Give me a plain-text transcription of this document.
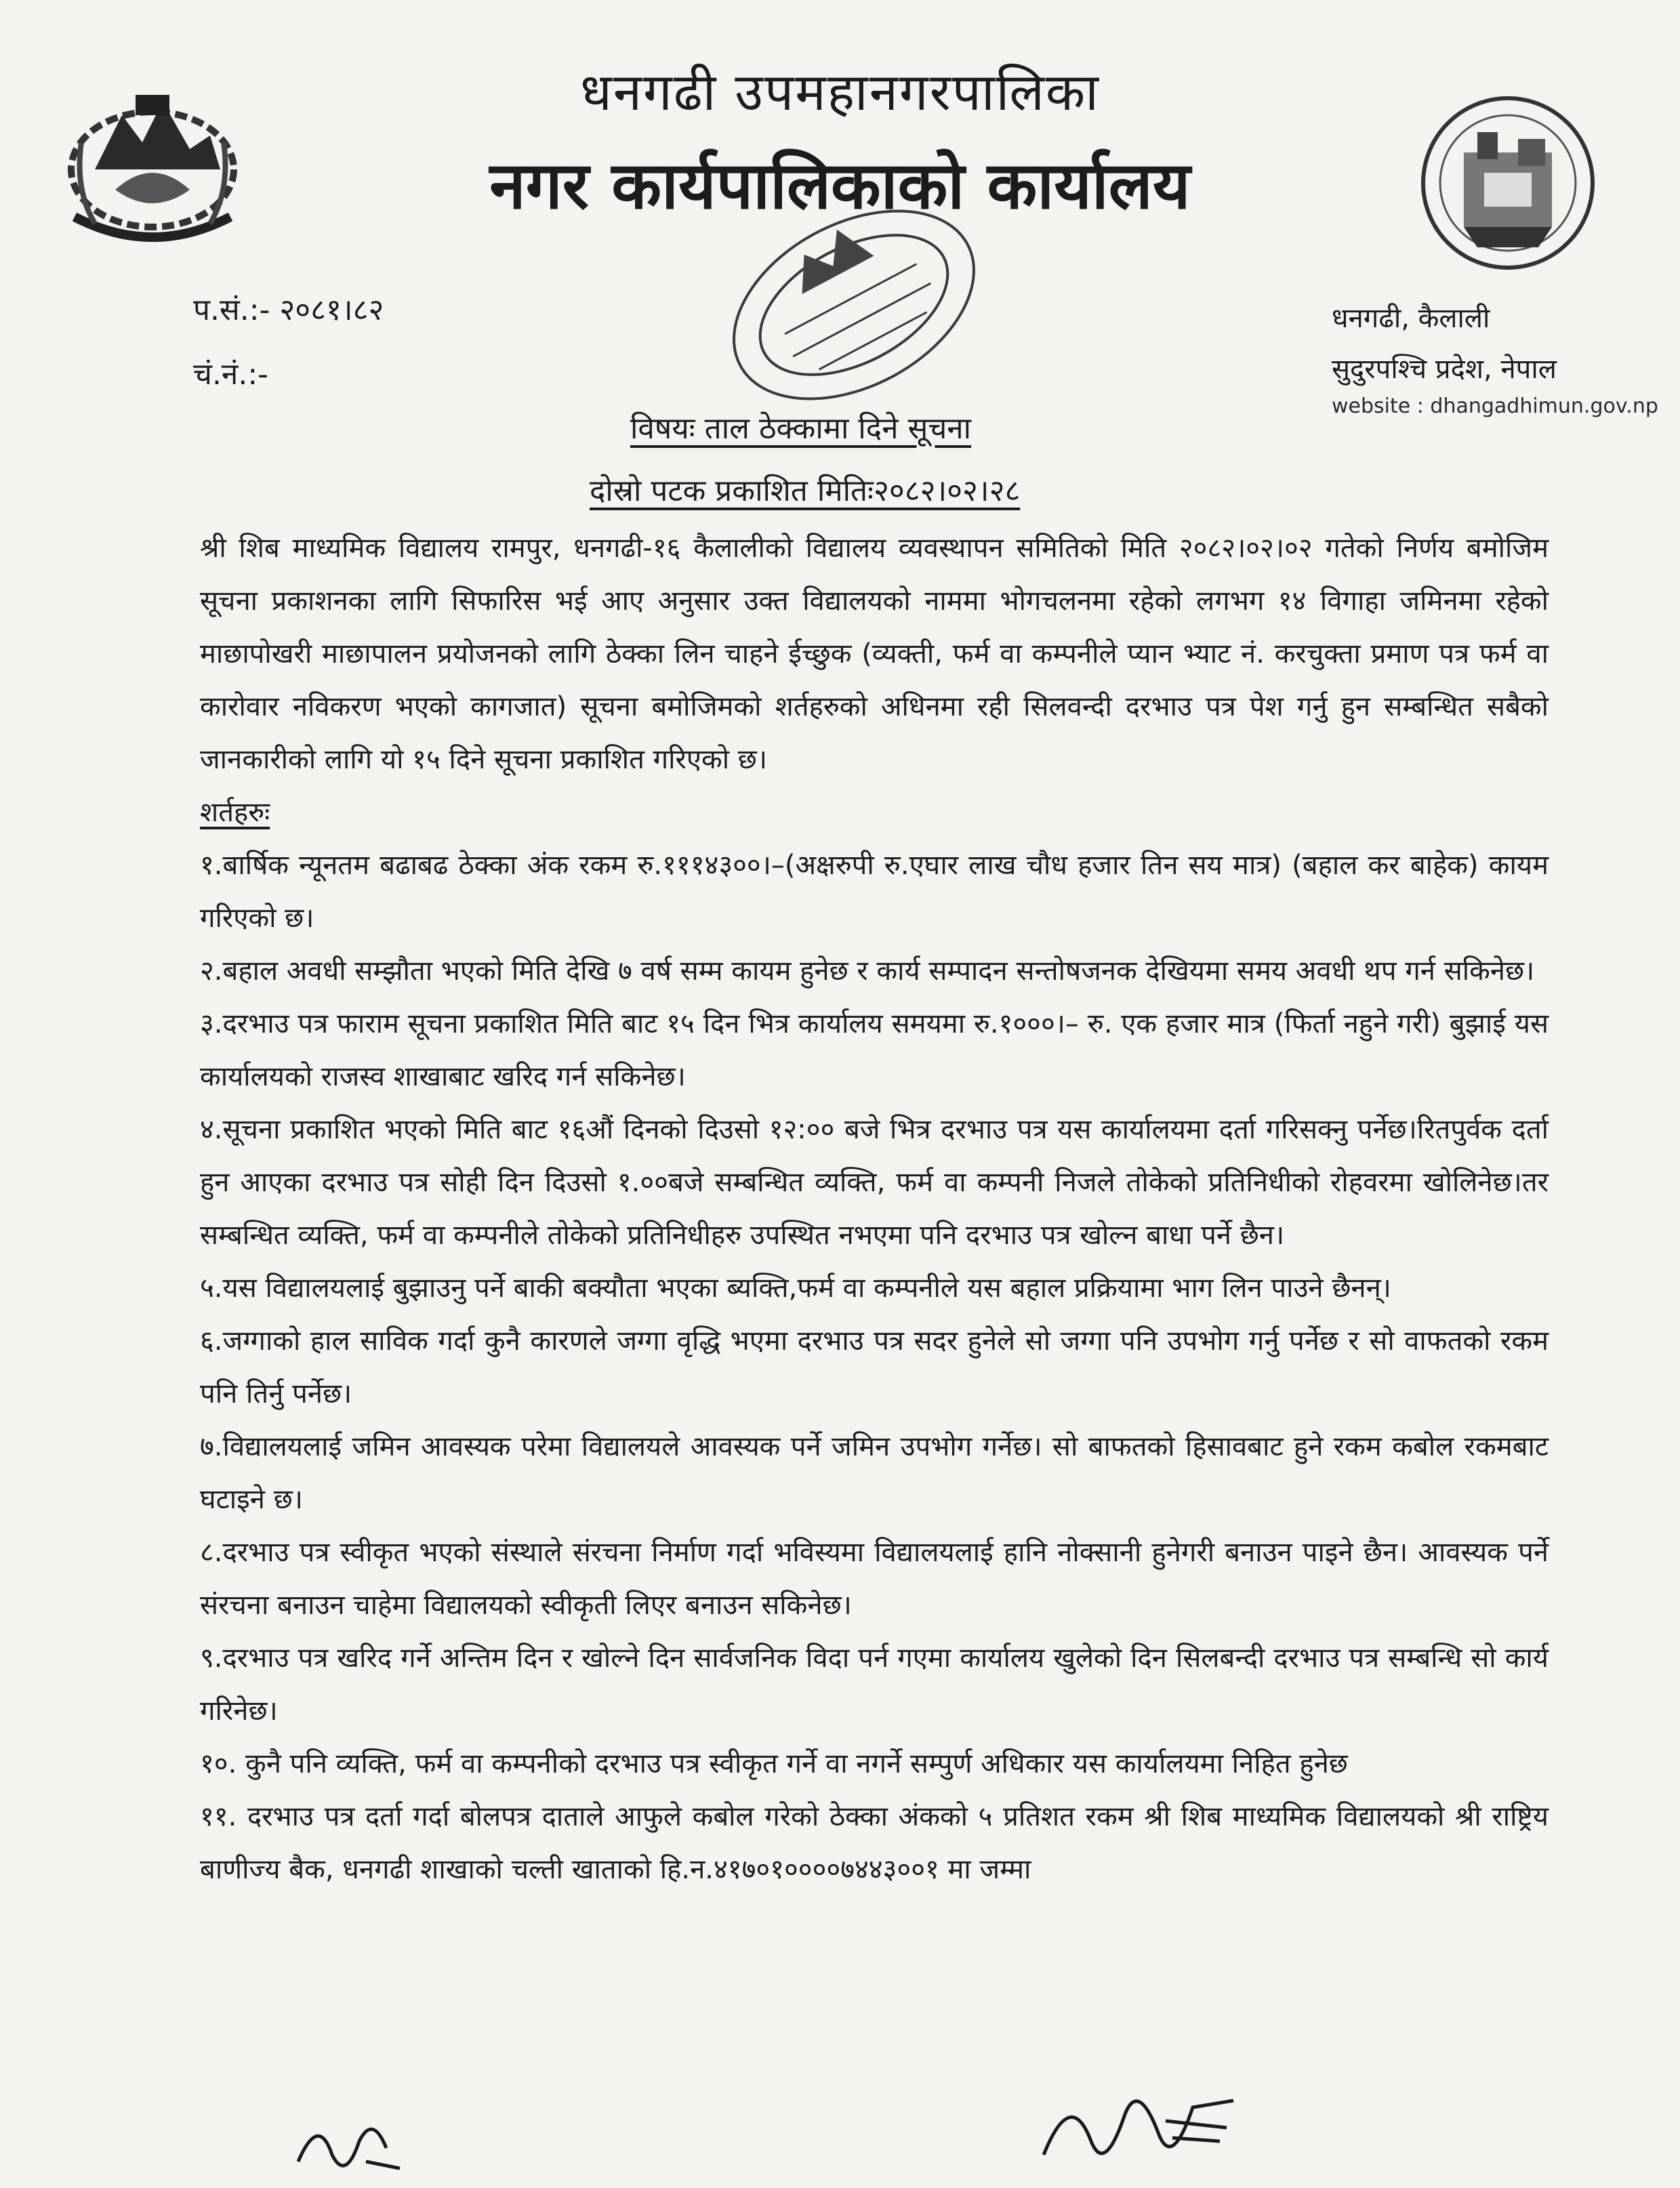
धनगढी उपमहानगरपालिका
नगर कार्यपालिकाको कार्यालय
प.सं.:- २०८१।८२
चं.नं.:-
धनगढी, कैलाली
सुदुरपश्चि प्रदेश, नेपाल
website : dhangadhimun.gov.np
विषयः ताल ठेक्कामा दिने सूचना
दोस्रो पटक प्रकाशित मितिः२०८२।०२।२८

श्री शिब माध्यमिक विद्यालय रामपुर, धनगढी-१६ कैलालीको विद्यालय व्यवस्थापन समितिको मिति २०८२।०२।०२ गतेको निर्णय बमोजिम सूचना प्रकाशनका लागि सिफारिस भई आए अनुसार उक्त विद्यालयको नाममा भोगचलनमा रहेको लगभग १४ विगाहा जमिनमा रहेको माछापोखरी माछापालन प्रयोजनको लागि ठेक्का लिन चाहने ईच्छुक (व्यक्ती, फर्म वा कम्पनीले प्यान भ्याट नं. करचुक्ता प्रमाण पत्र फर्म वा कारोवार नविकरण भएको कागजात) सूचना बमोजिमको शर्तहरुको अधिनमा रही सिलवन्दी दरभाउ पत्र पेश गर्नु हुन सम्बन्धित सबैको जानकारीको लागि यो १५ दिने सूचना प्रकाशित गरिएको छ।

शर्तहरुः

१.बार्षिक न्यूनतम बढाबढ ठेक्का अंक रकम रु.१११४३००।–(अक्षरुपी रु.एघार लाख चौध हजार तिन सय मात्र) (बहाल कर बाहेक) कायम गरिएको छ।

२.बहाल अवधी सम्झौता भएको मिति देखि ७ वर्ष सम्म कायम हुनेछ र कार्य सम्पादन सन्तोषजनक देखियमा समय अवधी थप गर्न सकिनेछ।

३.दरभाउ पत्र फाराम सूचना प्रकाशित मिति बाट १५ दिन भित्र कार्यालय समयमा रु.१०००।– रु. एक हजार मात्र (फिर्ता नहुने गरी) बुझाई यस कार्यालयको राजस्व शाखाबाट खरिद गर्न सकिनेछ।

४.सूचना प्रकाशित भएको मिति बाट १६औं दिनको दिउसो १२:०० बजे भित्र दरभाउ पत्र यस कार्यालयमा दर्ता गरिसक्नु पर्नेछ।रितपुर्वक दर्ता हुन आएका दरभाउ पत्र सोही दिन दिउसो १.००बजे सम्बन्धित व्यक्ति, फर्म वा कम्पनी निजले तोकेको प्रतिनिधीको रोहवरमा खोलिनेछ।तर सम्बन्धित व्यक्ति, फर्म वा कम्पनीले तोकेको प्रतिनिधीहरु उपस्थित नभएमा पनि दरभाउ पत्र खोल्न बाधा पर्ने छैन।

५.यस विद्यालयलाई बुझाउनु पर्ने बाकी बक्यौता भएका ब्यक्ति,फर्म वा कम्पनीले यस बहाल प्रक्रियामा भाग लिन पाउने छैनन्।

६.जग्गाको हाल साविक गर्दा कुनै कारणले जग्गा वृद्धि भएमा दरभाउ पत्र सदर हुनेले सो जग्गा पनि उपभोग गर्नु पर्नेछ र सो वाफतको रकम पनि तिर्नु पर्नेछ।

७.विद्यालयलाई जमिन आवस्यक परेमा विद्यालयले आवस्यक पर्ने जमिन उपभोग गर्नेछ। सो बाफतको हिसावबाट हुने रकम कबोल रकमबाट घटाइने छ।

८.दरभाउ पत्र स्वीकृत भएको संस्थाले संरचना निर्माण गर्दा भविस्यमा विद्यालयलाई हानि नोक्सानी हुनेगरी बनाउन पाइने छैन। आवस्यक पर्ने संरचना बनाउन चाहेमा विद्यालयको स्वीकृती लिएर बनाउन सकिनेछ।

९.दरभाउ पत्र खरिद गर्ने अन्तिम दिन र खोल्ने दिन सार्वजनिक विदा पर्न गएमा कार्यालय खुलेको दिन सिलबन्दी दरभाउ पत्र सम्बन्धि सो कार्य गरिनेछ।

१०. कुनै पनि व्यक्ति, फर्म वा कम्पनीको दरभाउ पत्र स्वीकृत गर्ने वा नगर्ने सम्पुर्ण अधिकार यस कार्यालयमा निहित हुनेछ

११. दरभाउ पत्र दर्ता गर्दा बोलपत्र दाताले आफुले कबोल गरेको ठेक्का अंकको ५ प्रतिशत रकम श्री शिब माध्यमिक विद्यालयको श्री राष्ट्रिय बाणीज्य बैक, धनगढी शाखाको चल्ती खाताको हि.न.४१७०१००००७४४३००१ मा जम्मा
